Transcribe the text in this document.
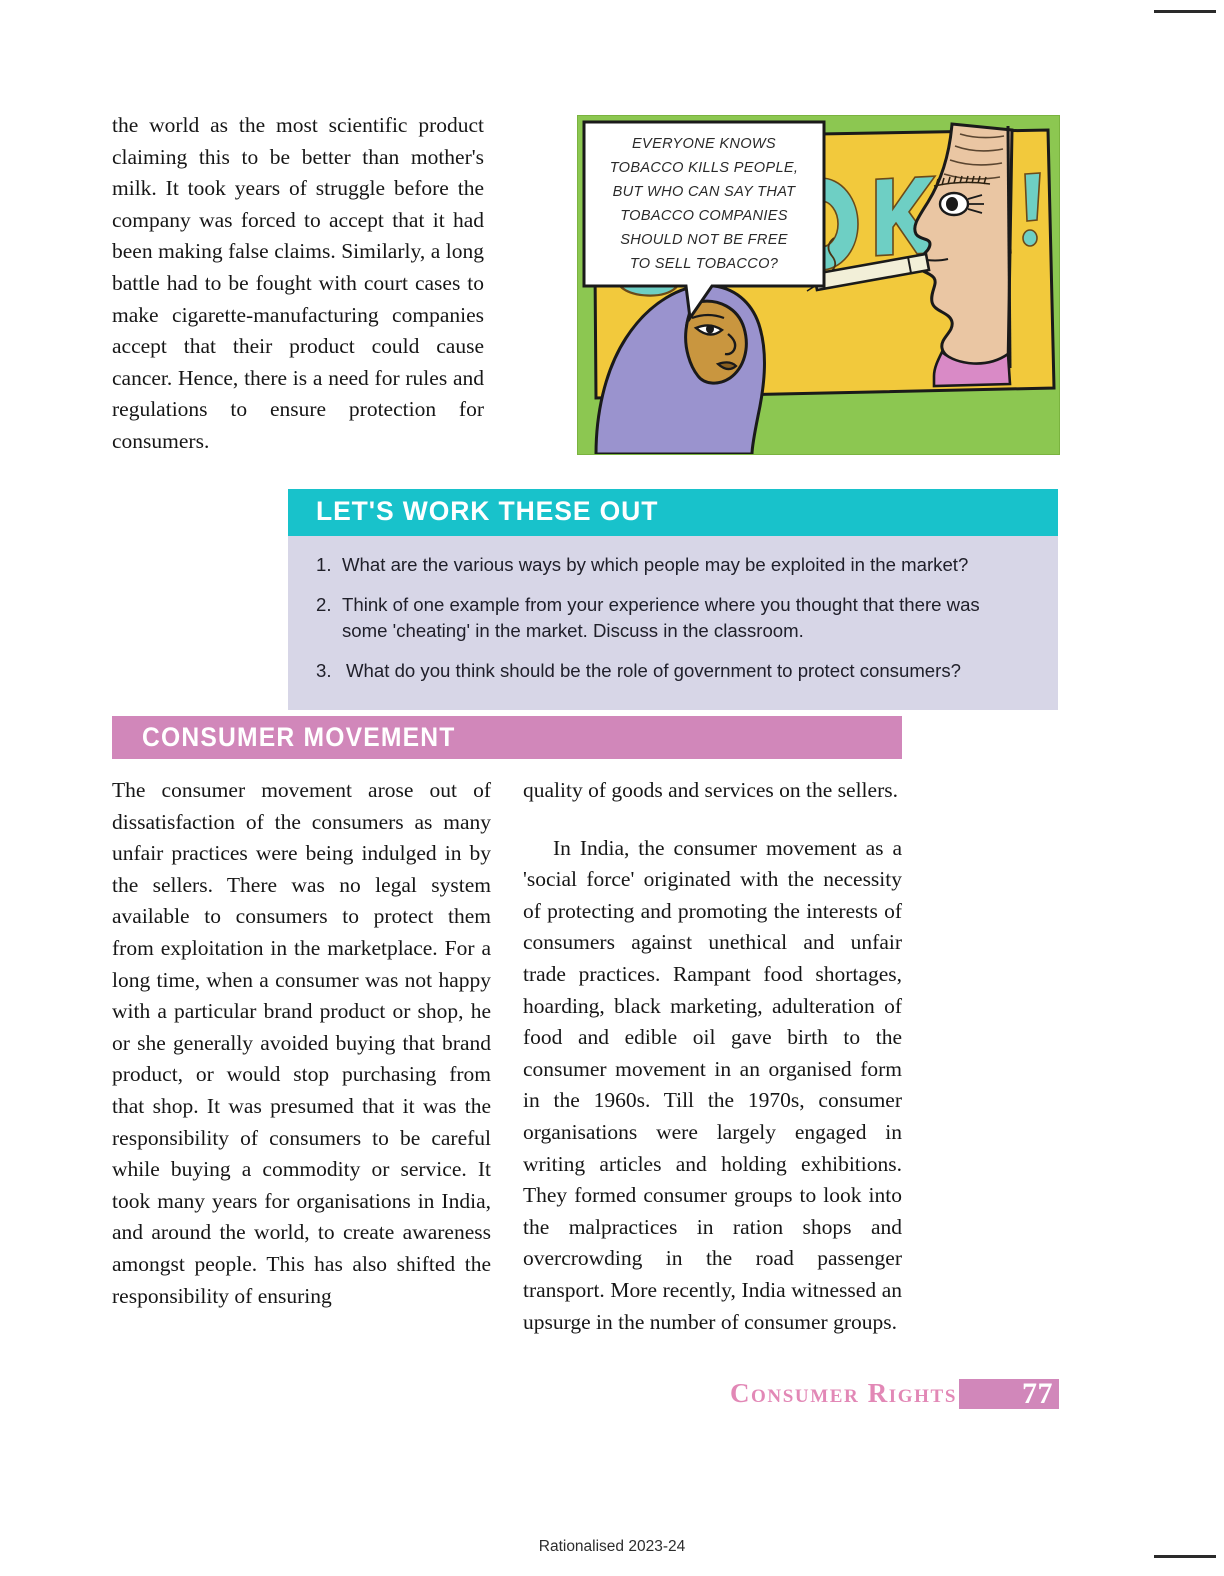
the world as the most scientific product claiming this to be better than mother's milk. It took years of struggle before the company was forced to accept that it had been making false claims. Similarly, a long battle had to be fought with court cases to make cigarette-manufacturing companies accept that their product could cause cancer. Hence, there is a need for rules and regulations to ensure protection for consumers.

EVERYONE KNOWS
TOBACCO KILLS PEOPLE,
BUT WHO CAN SAY THAT
TOBACCO COMPANIES
SHOULD NOT BE FREE
TO SELL TOBACCO?
LET'S WORK THESE OUT
1. What are the various ways by which people may be exploited in the market?
2. Think of one example from your experience where you thought that there was some 'cheating' in the market. Discuss in the classroom.
3. What do you think should be the role of government to protect consumers?
CONSUMER MOVEMENT

The consumer movement arose out of dissatisfaction of the consumers as many unfair practices were being indulged in by the sellers. There was no legal system available to consumers to protect them from exploitation in the marketplace. For a long time, when a consumer was not happy with a particular brand product or shop, he or she generally avoided buying that brand product, or would stop purchasing from that shop. It was presumed that it was the responsibility of consumers to be careful while buying a commodity or service. It took many years for organisations in India, and around the world, to create awareness amongst people. This has also shifted the responsibility of ensuring

quality of goods and services on the sellers.

In India, the consumer movement as a 'social force' originated with the necessity of protecting and promoting the interests of consumers against unethical and unfair trade practices. Rampant food shortages, hoarding, black marketing, adulteration of food and edible oil gave birth to the consumer movement in an organised form in the 1960s. Till the 1970s, consumer organisations were largely engaged in writing articles and holding exhibitions. They formed consumer groups to look into the malpractices in ration shops and overcrowding in the road passenger transport. More recently, India witnessed an upsurge in the number of consumer groups.

Consumer Rights 77
Rationalised 2023-24
